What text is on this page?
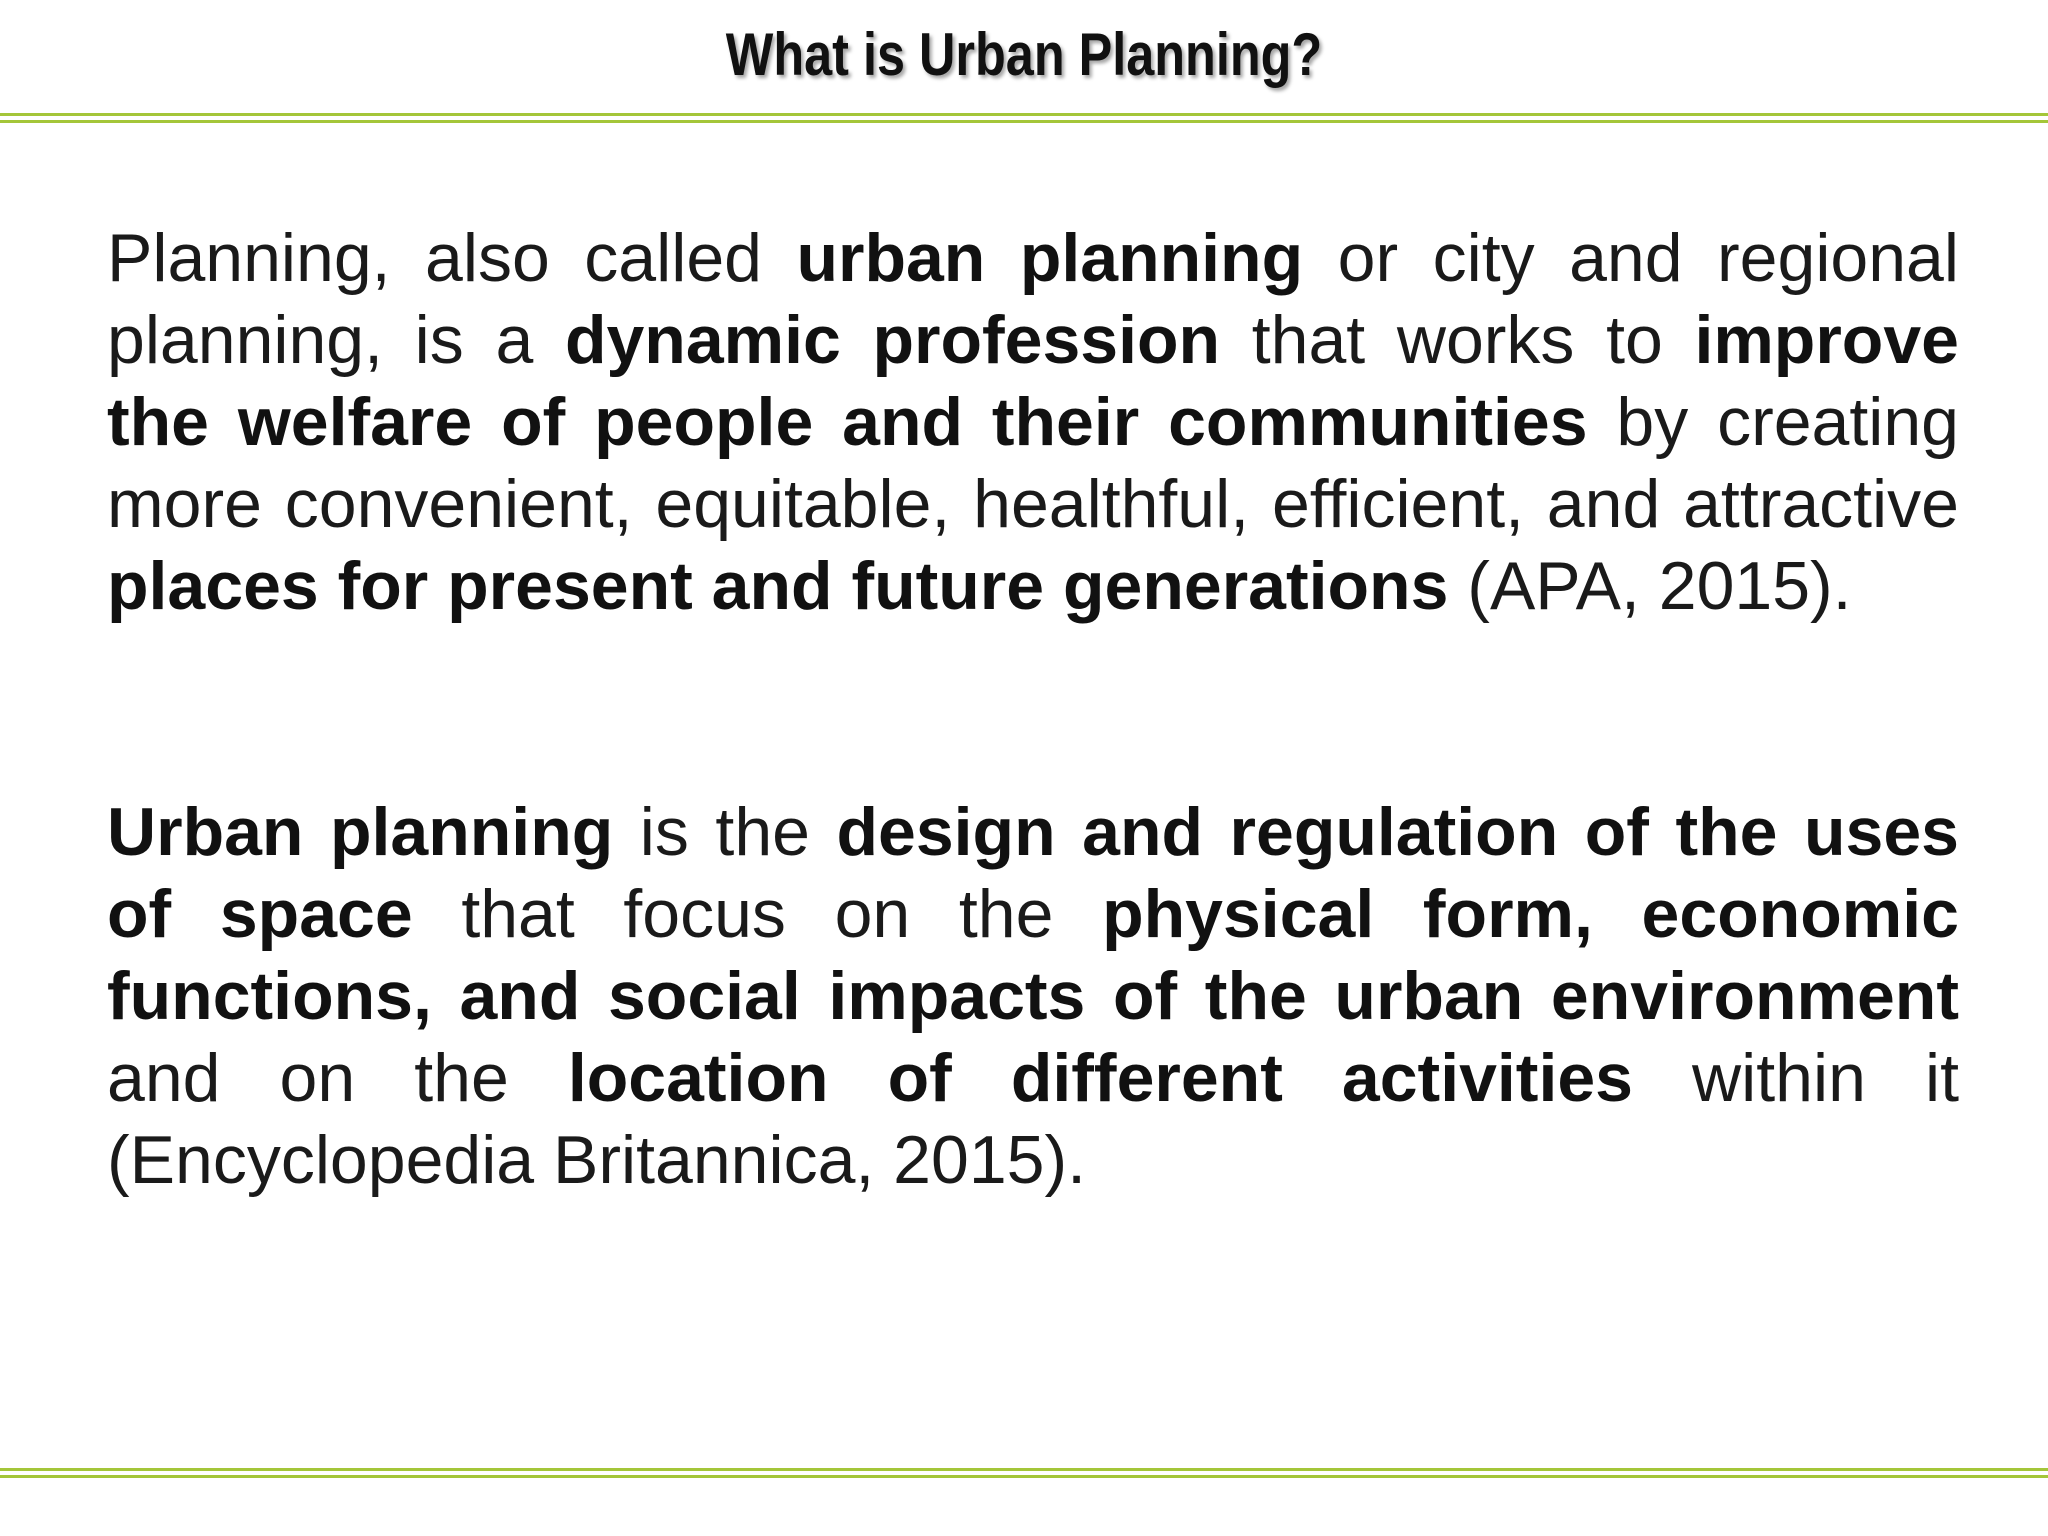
What is Urban Planning?

Planning, also called urban planning or city and regional planning, is a dynamic profession that works to improve the welfare of people and their communities by creating more convenient, equitable, healthful, efficient, and attractive places for present and future generations (APA, 2015).

Urban planning is the design and regulation of the uses of space that focus on the physical form, economic functions, and social impacts of the urban environment and on the location of different activities within it (Encyclopedia Britannica, 2015).
